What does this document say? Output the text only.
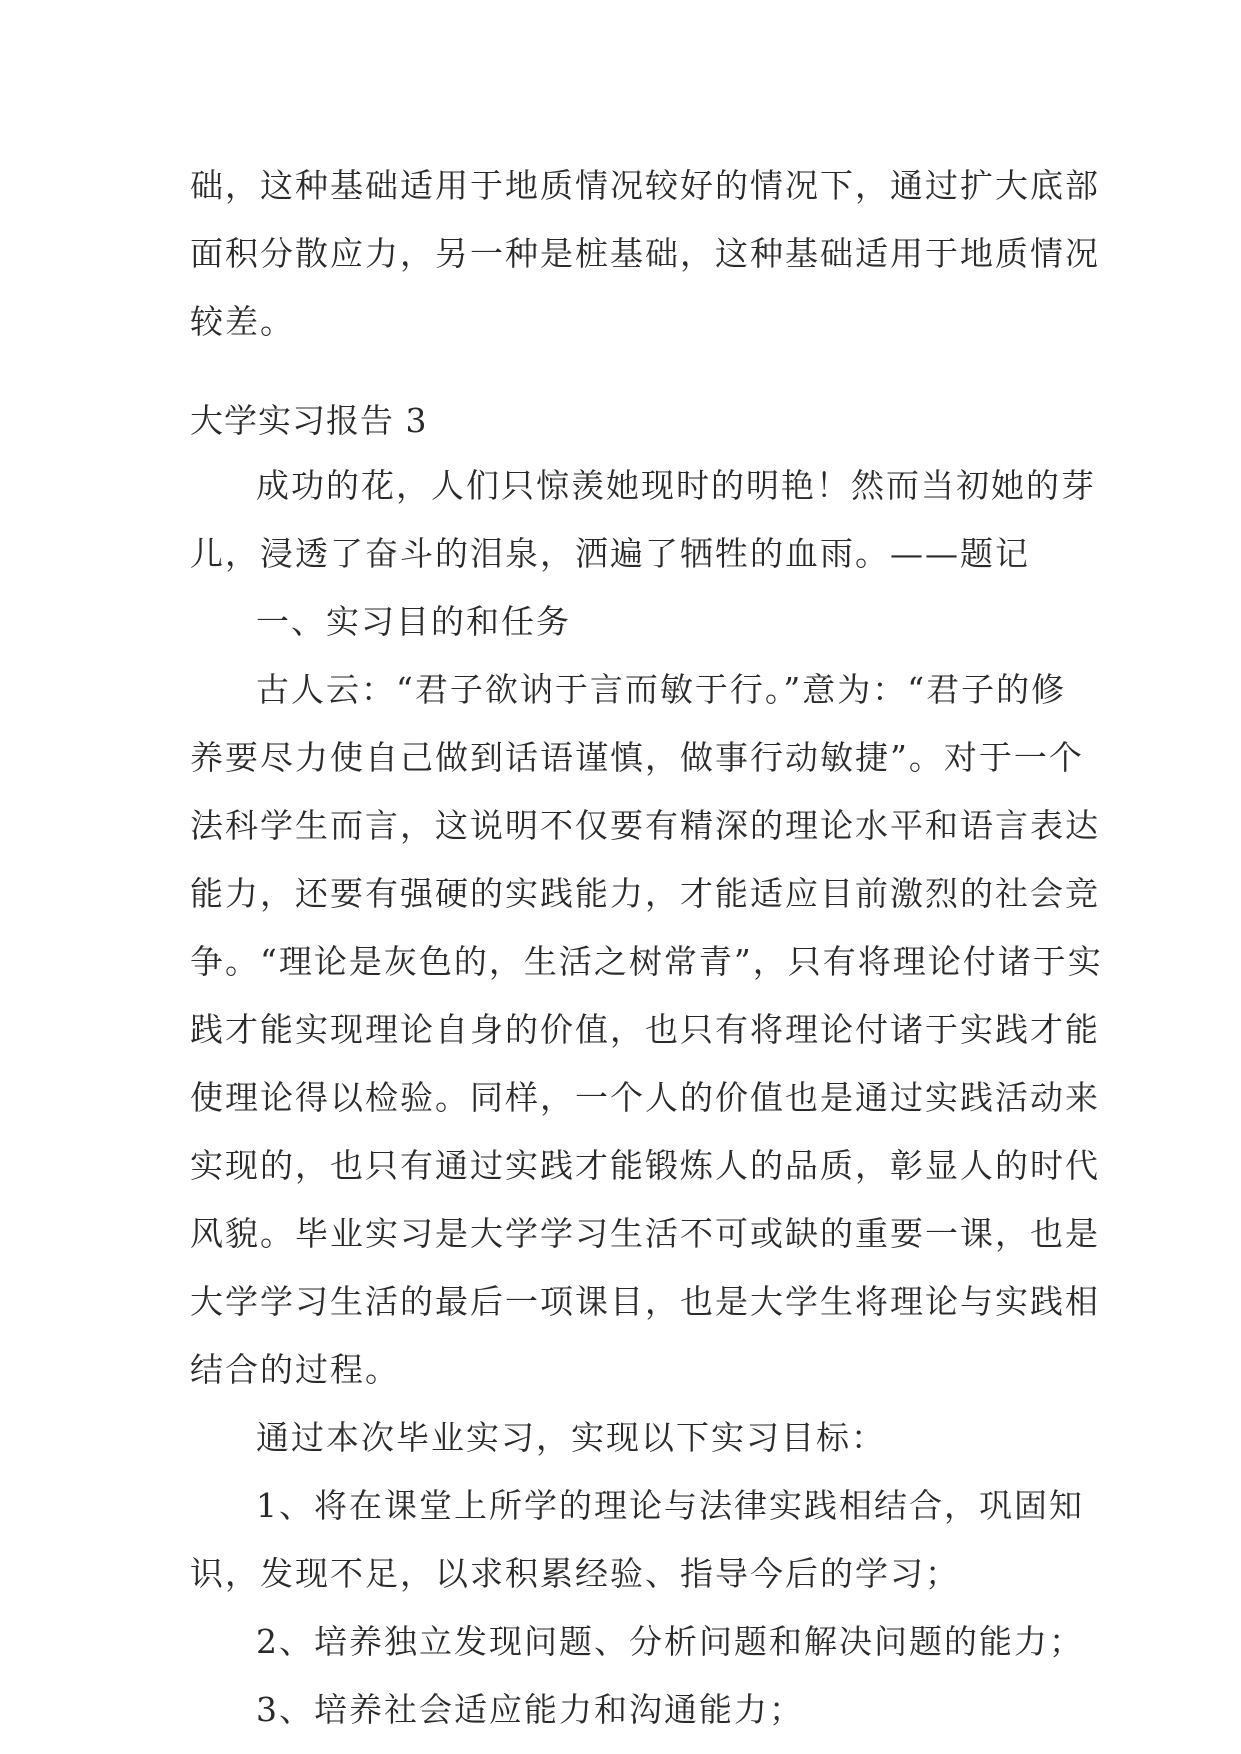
础，这种基础适用于地质情况较好的情况下，通过扩大底部
面积分散应力，另一种是桩基础，这种基础适用于地质情况
较差。
大学实习报告 3
成功的花，人们只惊羡她现时的明艳！然而当初她的芽
儿，浸透了奋斗的泪泉，洒遍了牺牲的血雨。——题记
一、实习目的和任务
古人云：“君子欲讷于言而敏于行。”意为：“君子的修
养要尽力使自己做到话语谨慎，做事行动敏捷”。对于一个
法科学生而言，这说明不仅要有精深的理论水平和语言表达
能力，还要有强硬的实践能力，才能适应目前激烈的社会竞
争。“理论是灰色的，生活之树常青”，只有将理论付诸于实
践才能实现理论自身的价值，也只有将理论付诸于实践才能
使理论得以检验。同样，一个人的价值也是通过实践活动来
实现的，也只有通过实践才能锻炼人的品质，彰显人的时代
风貌。毕业实习是大学学习生活不可或缺的重要一课，也是
大学学习生活的最后一项课目，也是大学生将理论与实践相
结合的过程。
通过本次毕业实习，实现以下实习目标：
1、将在课堂上所学的理论与法律实践相结合，巩固知
识，发现不足，以求积累经验、指导今后的学习；
2、培养独立发现问题、分析问题和解决问题的能力；
3、培养社会适应能力和沟通能力；
